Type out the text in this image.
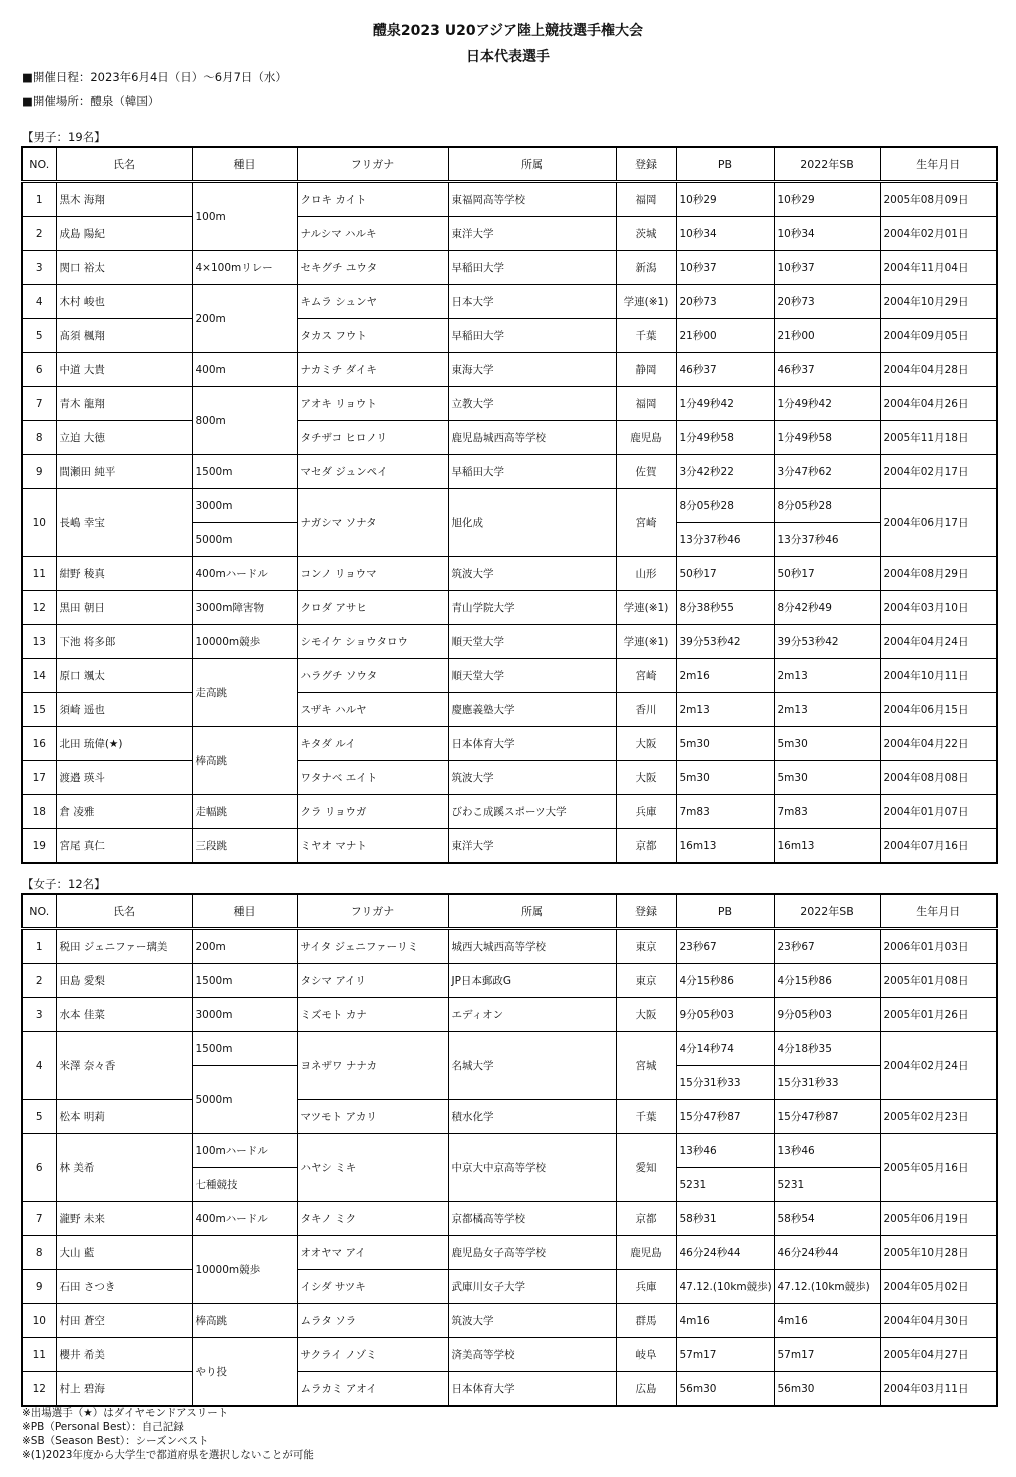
醴泉2023 U20アジア陸上競技選手権大会
日本代表選手
■開催日程：2023年6月4日（日）～6月7日（水）
■開催場所：醴泉（韓国）
【男子：19名】
NO.	氏名	種目	フリガナ	所属	登録	PB	2022年SB	生年月日
1	黒木 海翔	100m	クロキ カイト	東福岡高等学校	福岡	10秒29	10秒29	2005年08月09日
2	成島 陽紀		ナルシマ ハルキ	東洋大学	茨城	10秒34	10秒34	2004年02月01日
3	関口 裕太	4×100mリレー	セキグチ ユウタ	早稲田大学	新潟	10秒37	10秒37	2004年11月04日
4	木村 峻也	200m	キムラ シュンヤ	日本大学	学連(※1)	20秒73	20秒73	2004年10月29日
5	髙須 楓翔		タカス フウト	早稲田大学	千葉	21秒00	21秒00	2004年09月05日
6	中道 大貴	400m	ナカミチ ダイキ	東海大学	静岡	46秒37	46秒37	2004年04月28日
7	青木 龍翔	800m	アオキ リョウト	立教大学	福岡	1分49秒42	1分49秒42	2004年04月26日
8	立迫 大徳		タチザコ ヒロノリ	鹿児島城西高等学校	鹿児島	1分49秒58	1分49秒58	2005年11月18日
9	間瀬田 純平	1500m	マセダ ジュンペイ	早稲田大学	佐賀	3分42秒22	3分47秒62	2004年02月17日
10	長嶋 幸宝	3000m	ナガシマ ソナタ	旭化成	宮崎	8分05秒28	8分05秒28	2004年06月17日
		5000m				13分37秒46	13分37秒46	
11	紺野 稜真	400mハードル	コンノ リョウマ	筑波大学	山形	50秒17	50秒17	2004年08月29日
12	黒田 朝日	3000m障害物	クロダ アサヒ	青山学院大学	学連(※1)	8分38秒55	8分42秒49	2004年03月10日
13	下池 将多郎	10000m競歩	シモイケ ショウタロウ	順天堂大学	学連(※1)	39分53秒42	39分53秒42	2004年04月24日
14	原口 颯太	走高跳	ハラグチ ソウタ	順天堂大学	宮崎	2m16	2m13	2004年10月11日
15	須崎 遥也		スザキ ハルヤ	慶應義塾大学	香川	2m13	2m13	2004年06月15日
16	北田 琉偉(★)	棒高跳	キタダ ルイ	日本体育大学	大阪	5m30	5m30	2004年04月22日
17	渡邉 瑛斗		ワタナベ エイト	筑波大学	大阪	5m30	5m30	2004年08月08日
18	倉 凌雅	走幅跳	クラ リョウガ	びわこ成蹊スポーツ大学	兵庫	7m83	7m83	2004年01月07日
19	宮尾 真仁	三段跳	ミヤオ マナト	東洋大学	京都	16m13	16m13	2004年07月16日
【女子：12名】
NO.	氏名	種目	フリガナ	所属	登録	PB	2022年SB	生年月日
1	税田 ジェニファー璃美	200m	サイタ ジェニファーリミ	城西大城西高等学校	東京	23秒67	23秒67	2006年01月03日
2	田島 愛梨	1500m	タシマ アイリ	JP日本郵政G	東京	4分15秒86	4分15秒86	2005年01月08日
3	水本 佳菜	3000m	ミズモト カナ	エディオン	大阪	9分05秒03	9分05秒03	2005年01月26日
4	米澤 奈々香	1500m	ヨネザワ ナナカ	名城大学	宮城	4分14秒74	4分18秒35	2004年02月24日
		5000m				15分31秒33	15分31秒33	
5	松本 明莉		マツモト アカリ	積水化学	千葉	15分47秒87	15分47秒87	2005年02月23日
6	林 美希	100mハードル	ハヤシ ミキ	中京大中京高等学校	愛知	13秒46	13秒46	2005年05月16日
		七種競技				5231	5231	
7	瀧野 未来	400mハードル	タキノ ミク	京都橘高等学校	京都	58秒31	58秒54	2005年06月19日
8	大山 藍	10000m競歩	オオヤマ アイ	鹿児島女子高等学校	鹿児島	46分24秒44	46分24秒44	2005年10月28日
9	石田 さつき		イシダ サツキ	武庫川女子大学	兵庫	47.12.(10km競歩)	47.12.(10km競歩)	2004年05月02日
10	村田 蒼空	棒高跳	ムラタ ソラ	筑波大学	群馬	4m16	4m16	2004年04月30日
11	櫻井 希美	やり投	サクライ ノゾミ	済美高等学校	岐阜	57m17	57m17	2005年04月27日
12	村上 碧海		ムラカミ アオイ	日本体育大学	広島	56m30	56m30	2004年03月11日
※出場選手（★）はダイヤモンドアスリート
※PB（Personal Best）：自己記録
※SB（Season Best）：シーズンベスト
※(1)2023年度から大学生で都道府県を選択しないことが可能
